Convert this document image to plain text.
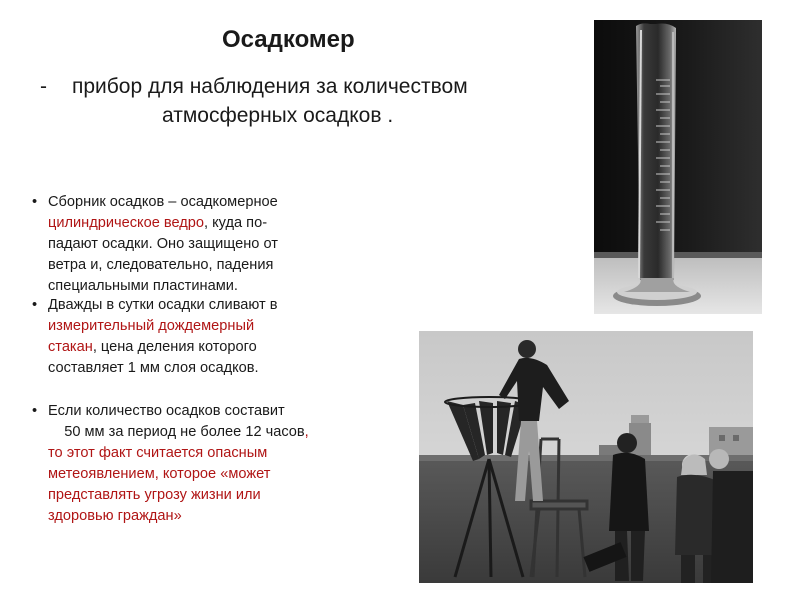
Осадкомер
- прибор для наблюдения за количеством
атмосферных осадков .
• Сборник осадков – осадкомерное
цилиндрическое ведро, куда по-
падают осадки. Оно защищено от
ветра и, следовательно, падения
специальными пластинами.
• Дважды в сутки осадки сливают в
измерительный дождемерный
стакан, цена деления которого
составляет 1 мм слоя осадков.
• Если количество осадков составит
50 мм за период не более 12 часов,
то этот факт считается опасным
метеоявлением, которое «может
представлять угрозу жизни или
здоровью граждан»
